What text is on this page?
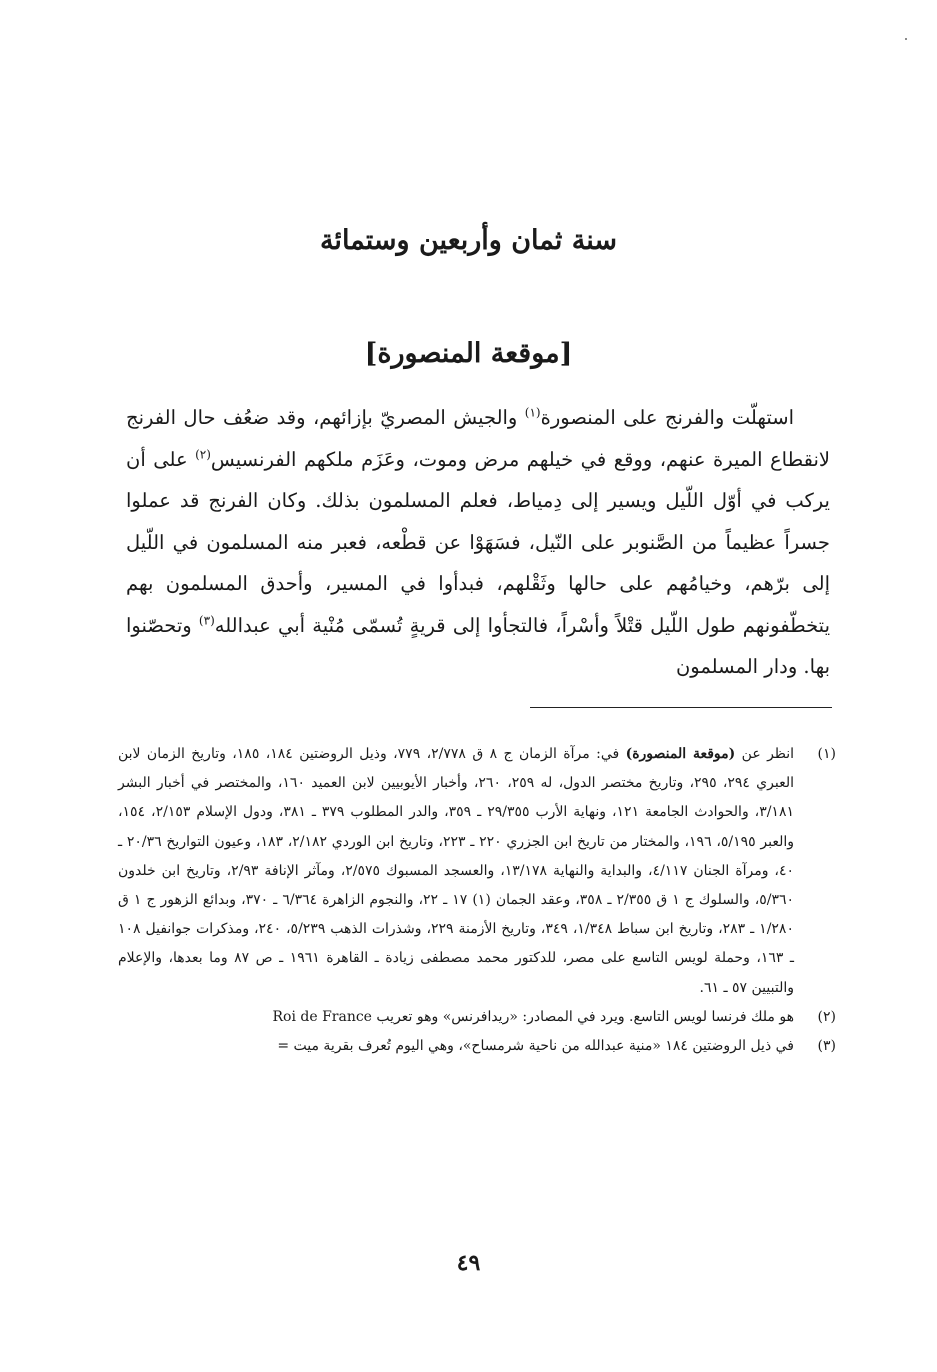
سنة ثمان وأربعين وستمائة
[موقعة المنصورة]

استهلّت والفرنج على المنصورة$^{(١)}$ والجيش المصريّ بإزائهم، وقد ضعُف حال الفرنج لانقطاع الميرة عنهم، ووقع في خيلهم مرض وموت، وعَزَم ملكهم الفرنسيس$^{(٢)}$ على أن يركب في أوّل اللّيل ويسير إلى دِمياط، فعلم المسلمون بذلك. وكان الفرنج قد عملوا جسراً عظيماً من الصَّنوبر على النّيل، فسَهَوْا عن قطْعه، فعبر منه المسلمون في اللّيل إلى برّهم، وخيامُهم على حالها وثَقْلهم، فبدأوا في المسير، وأحدق المسلمون بهم يتخطّفونهم طول اللّيل قتْلاً وأسْراً، فالتجأوا إلى قريةٍ تُسمّى مُنْية أبي عبدالله$^{(٣)}$ وتحصّنوا بها. ودار المسلمون

(١)
انظر عن (موقعة المنصورة) في: مرآة الزمان ج ٨ ق ٢/٧٧٨، ٧٧٩، وذيل الروضتين ١٨٤، ١٨٥، وتاريخ الزمان لابن العبري ٢٩٤، ٢٩٥، وتاريخ مختصر الدول، له ٢٥٩، ٢٦٠، وأخبار الأيوبيين لابن العميد ١٦٠، والمختصر في أخبار البشر ٣/١٨١، والحوادث الجامعة ١٢١، ونهاية الأرب ٢٩/٣٥٥ ـ ٣٥٩، والدر المطلوب ٣٧٩ ـ ٣٨١، ودول الإسلام ٢/١٥٣، ١٥٤، والعبر ٥/١٩٥، ١٩٦، والمختار من تاريخ ابن الجزري ٢٢٠ ـ ٢٢٣، وتاريخ ابن الوردي ٢/١٨٢، ١٨٣، وعيون التواريخ ٢٠/٣٦ ـ ٤٠، ومرآة الجنان ٤/١١٧، والبداية والنهاية ١٣/١٧٨، والعسجد المسبوك ٢/٥٧٥، ومآثر الإنافة ٢/٩٣، وتاريخ ابن خلدون ٥/٣٦٠، والسلوك ج ١ ق ٢/٣٥٥ ـ ٣٥٨، وعقد الجمان (١) ١٧ ـ ٢٢، والنجوم الزاهرة ٦/٣٦٤ ـ ٣٧٠، وبدائع الزهور ج ١ ق ١/٢٨٠ ـ ٢٨٣، وتاريخ ابن سباط ١/٣٤٨، ٣٤٩، وتاريخ الأزمنة ٢٢٩، وشذرات الذهب ٥/٢٣٩، ٢٤٠، ومذكرات جوانفيل ١٠٨ ـ ١٦٣، وحملة لويس التاسع على مصر، للدكتور محمد مصطفى زيادة ـ القاهرة ١٩٦١ ـ ص ٨٧ وما بعدها، والإعلام والتبيين ٥٧ ـ ٦١.
(٢)
هو ملك فرنسا لويس التاسع. ويرد في المصادر: «ريدافرنس» وهو تعريب Roi de France
(٣)
في ذيل الروضتين ١٨٤ «منية عبدالله من ناحية شرمساح»، وهي اليوم تُعرف بقرية ميت =

٤٩
